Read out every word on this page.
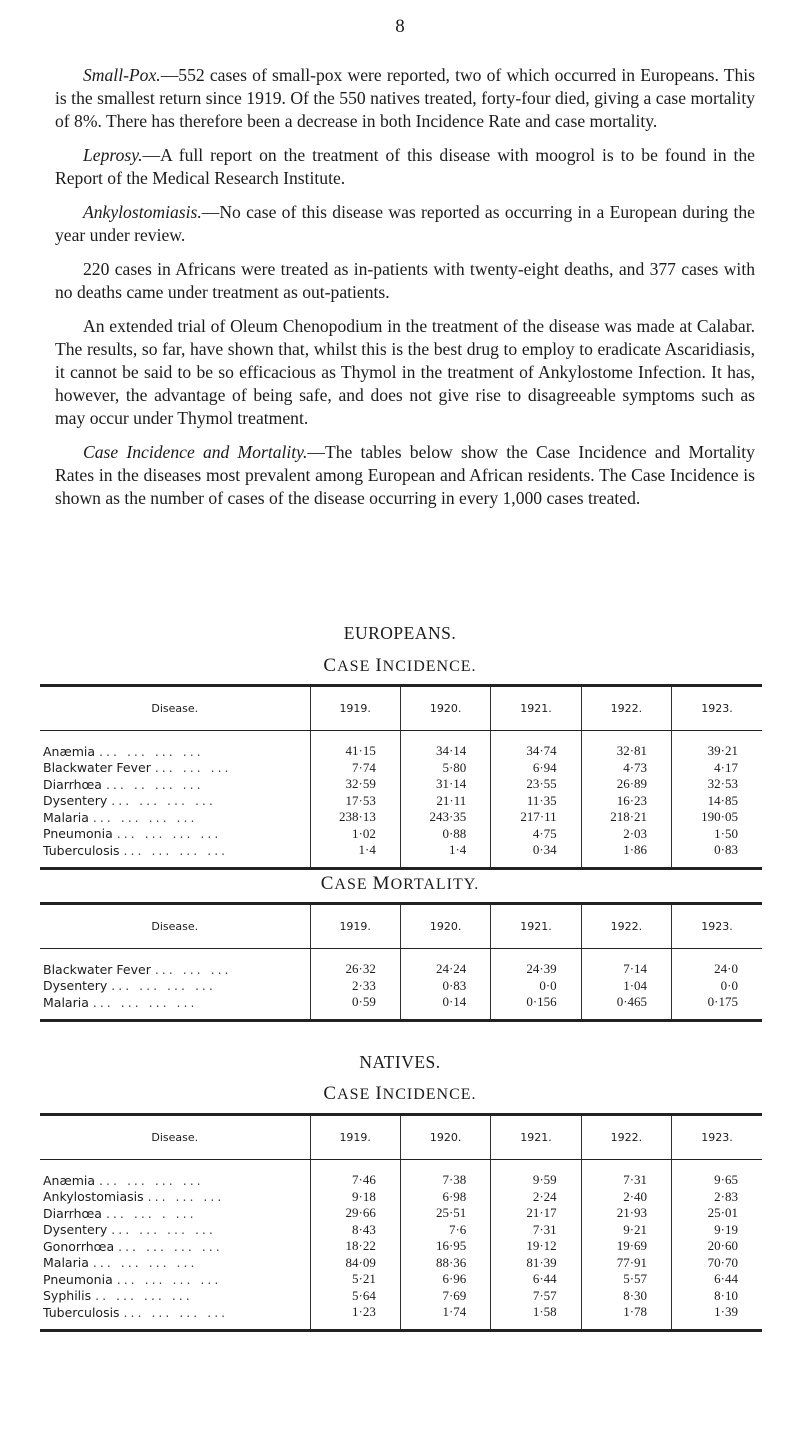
8

Small-Pox.—552 cases of small-pox were reported, two of which occurred in Europeans. This is the smallest return since 1919. Of the 550 natives treated, forty-four died, giving a case mortality of 8%. There has therefore been a decrease in both Incidence Rate and case mortality.

Leprosy.—A full report on the treatment of this disease with moogrol is to be found in the Report of the Medical Research Institute.

Ankylostomiasis.—No case of this disease was reported as occurring in a European during the year under review.

220 cases in Africans were treated as in-patients with twenty-eight deaths, and 377 cases with no deaths came under treatment as out-patients.

An extended trial of Oleum Chenopodium in the treatment of the disease was made at Calabar. The results, so far, have shown that, whilst this is the best drug to employ to eradicate Ascaridiasis, it cannot be said to be so efficacious as Thymol in the treatment of Ankylostome Infection. It has, however, the advantage of being safe, and does not give rise to disagreeable symptoms such as may occur under Thymol treatment.

Case Incidence and Mortality.—The tables below show the Case Incidence and Mortality Rates in the diseases most prevalent among European and African residents. The Case Incidence is shown as the number of cases of the disease occurring in every 1,000 cases treated.

EUROPEANS.
CASE INCIDENCE.
Disease.	1919.	1920.	1921.	1922.	1923.
Anæmia ... ... ... ...	41·15	34·14	34·74	32·81	39·21
Blackwater Fever ... ... ...	7·74	5·80	6·94	4·73	4·17
Diarrhœa ... .. ... ...	32·59	31·14	23·55	26·89	32·53
Dysentery ... ... ... ...	17·53	21·11	11·35	16·23	14·85
Malaria ... ... ... ...	238·13	243·35	217·11	218·21	190·05
Pneumonia ... ... ... ...	1·02	0·88	4·75	2·03	1·50
Tuberculosis ... ... ... ...	1·4	1·4	0·34	1·86	0·83
CASE MORTALITY.
Disease.	1919.	1920.	1921.	1922.	1923.
Blackwater Fever ... ... ...	26·32	24·24	24·39	7·14	24·0
Dysentery ... ... ... ...	2·33	0·83	0·0	1·04	0·0
Malaria ... ... ... ...	0·59	0·14	0·156	0·465	0·175
NATIVES.
CASE INCIDENCE.
Disease.	1919.	1920.	1921.	1922.	1923.
Anæmia ... ... ... ...	7·46	7·38	9·59	7·31	9·65
Ankylostomiasis ... ... ...	9·18	6·98	2·24	2·40	2·83
Diarrhœa ... ... . ...	29·66	25·51	21·17	21·93	25·01
Dysentery ... ... ... ...	8·43	7·6	7·31	9·21	9·19
Gonorrhœa ... ... ... ...	18·22	16·95	19·12	19·69	20·60
Malaria ... ... ... ...	84·09	88·36	81·39	77·91	70·70
Pneumonia ... ... ... ...	5·21	6·96	6·44	5·57	6·44
Syphilis .. ... ... ...	5·64	7·69	7·57	8·30	8·10
Tuberculosis ... ... ... ...	1·23	1·74	1·58	1·78	1·39
